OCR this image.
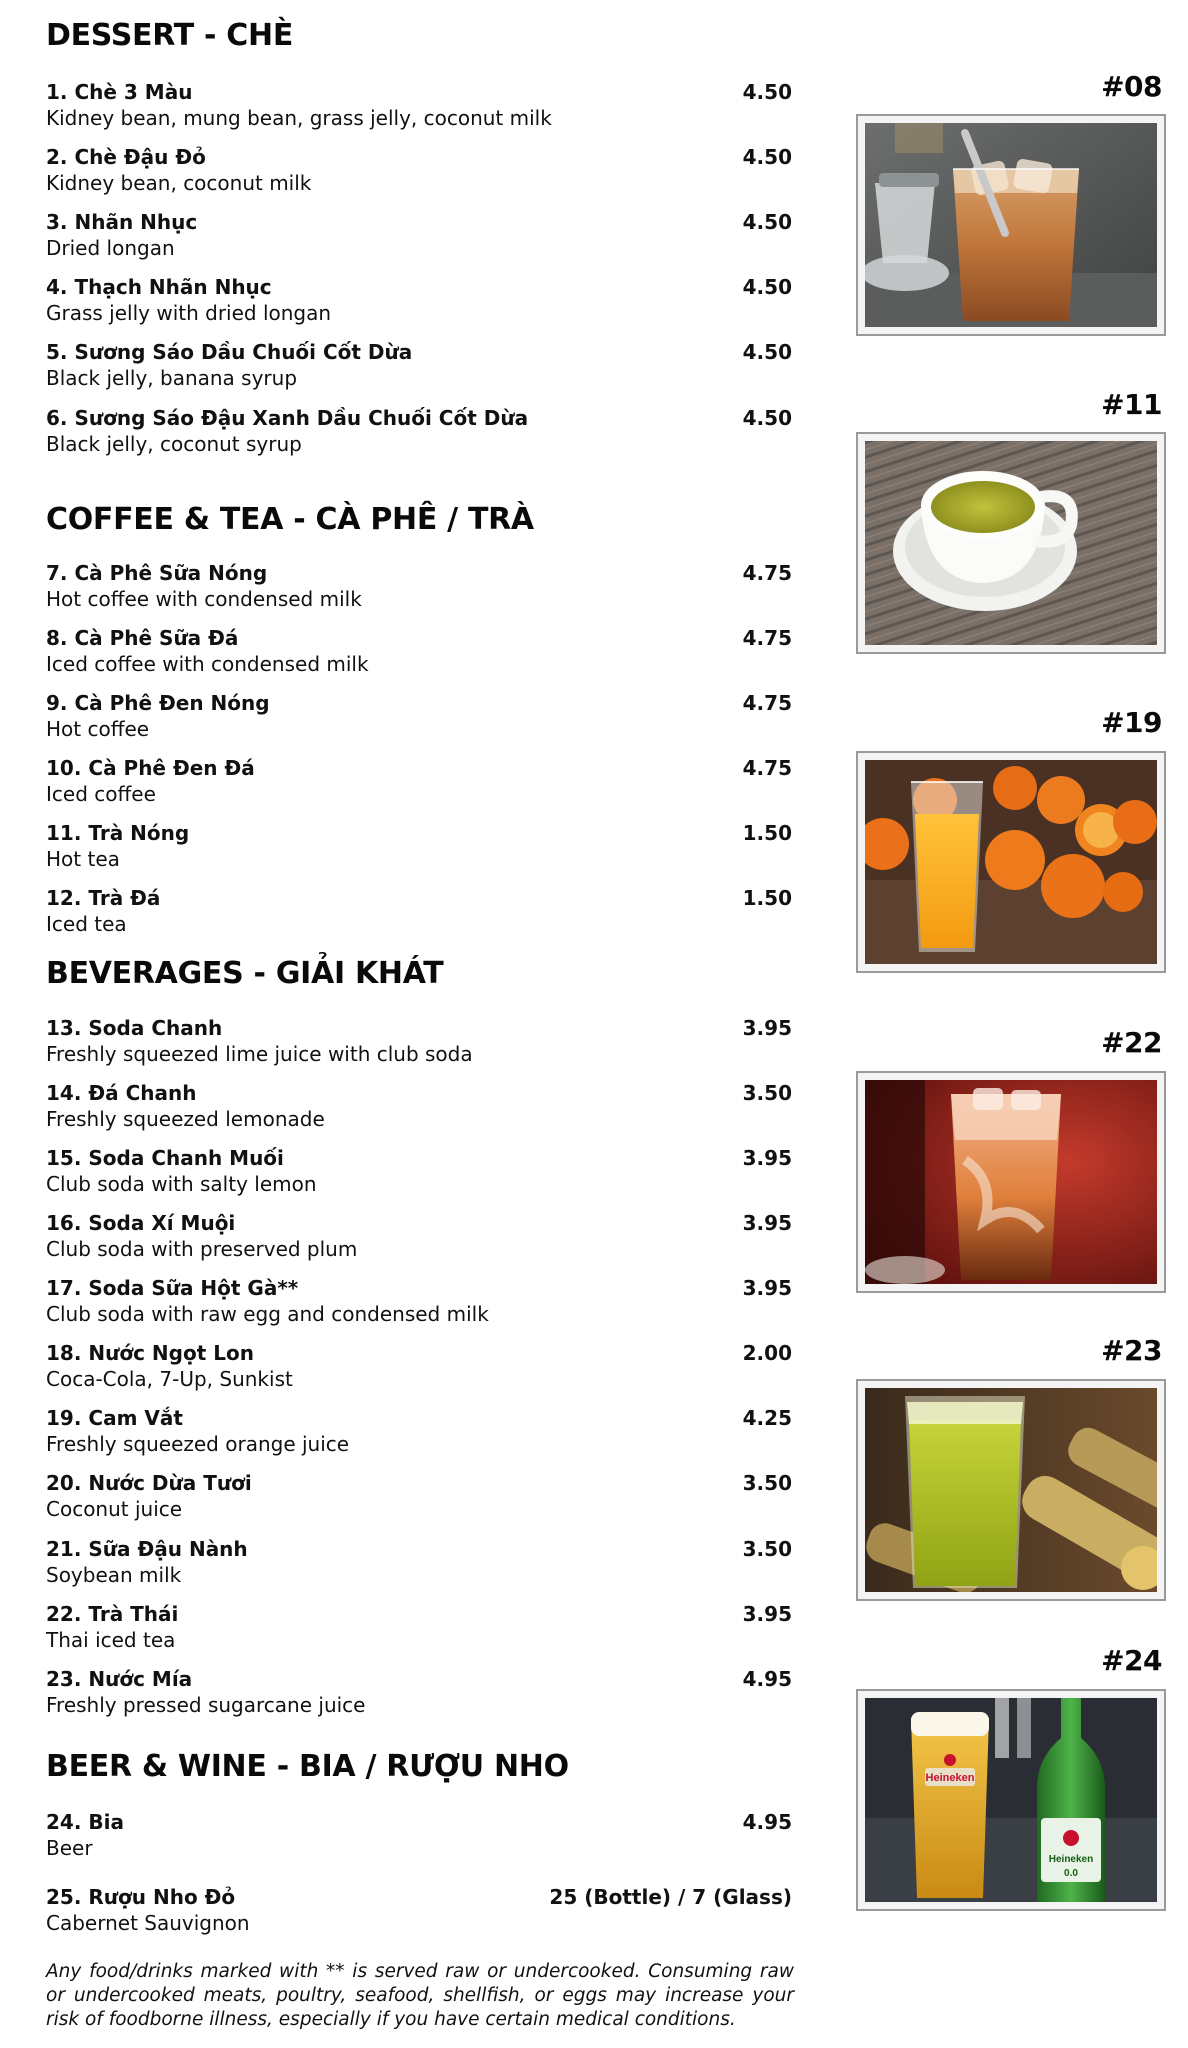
DESSERT - CHÈ
1. Chè 3 Màu	4.50
Kidney bean, mung bean, grass jelly, coconut milk
2. Chè Đậu Đỏ	4.50
Kidney bean, coconut milk
3. Nhãn Nhục	4.50
Dried longan
4. Thạch Nhãn Nhục	4.50
Grass jelly with dried longan
5. Sương Sáo Dầu Chuối Cốt Dừa	4.50
Black jelly, banana syrup
6. Sương Sáo Đậu Xanh Dầu Chuối Cốt Dừa	4.50
Black jelly, coconut syrup
COFFEE & TEA - CÀ PHÊ / TRÀ
7. Cà Phê Sữa Nóng	4.75
Hot coffee with condensed milk
8. Cà Phê Sữa Đá	4.75
Iced coffee with condensed milk
9. Cà Phê Đen Nóng	4.75
Hot coffee
10. Cà Phê Đen Đá	4.75
Iced coffee
11. Trà Nóng	1.50
Hot tea
12. Trà Đá	1.50
Iced tea
BEVERAGES - GIẢI KHÁT
13. Soda Chanh	3.95
Freshly squeezed lime juice with club soda
14. Đá Chanh	3.50
Freshly squeezed lemonade
15. Soda Chanh Muối	3.95
Club soda with salty lemon
16. Soda Xí Muội	3.95
Club soda with preserved plum
17. Soda Sữa Hột Gà**	3.95
Club soda with raw egg and condensed milk
18. Nước Ngọt Lon	2.00
Coca-Cola, 7-Up, Sunkist
19. Cam Vắt	4.25
Freshly squeezed orange juice
20. Nước Dừa Tươi	3.50
Coconut juice
21. Sữa Đậu Nành	3.50
Soybean milk
22. Trà Thái	3.95
Thai iced tea
23. Nước Mía	4.95
Freshly pressed sugarcane juice
BEER & WINE - BIA / RƯỢU NHO
24. Bia	4.95
Beer
25. Rượu Nho Đỏ	25 (Bottle) / 7 (Glass)
Cabernet Sauvignon

Any food/drinks marked with ** is served raw or undercooked. Consuming raw or undercooked meats, poultry, seafood, shellfish, or eggs may increase your risk of foodborne illness, especially if you have certain medical conditions.

#08
#11
#19
#22
#23
#24
Heineken
Heineken
0.0
